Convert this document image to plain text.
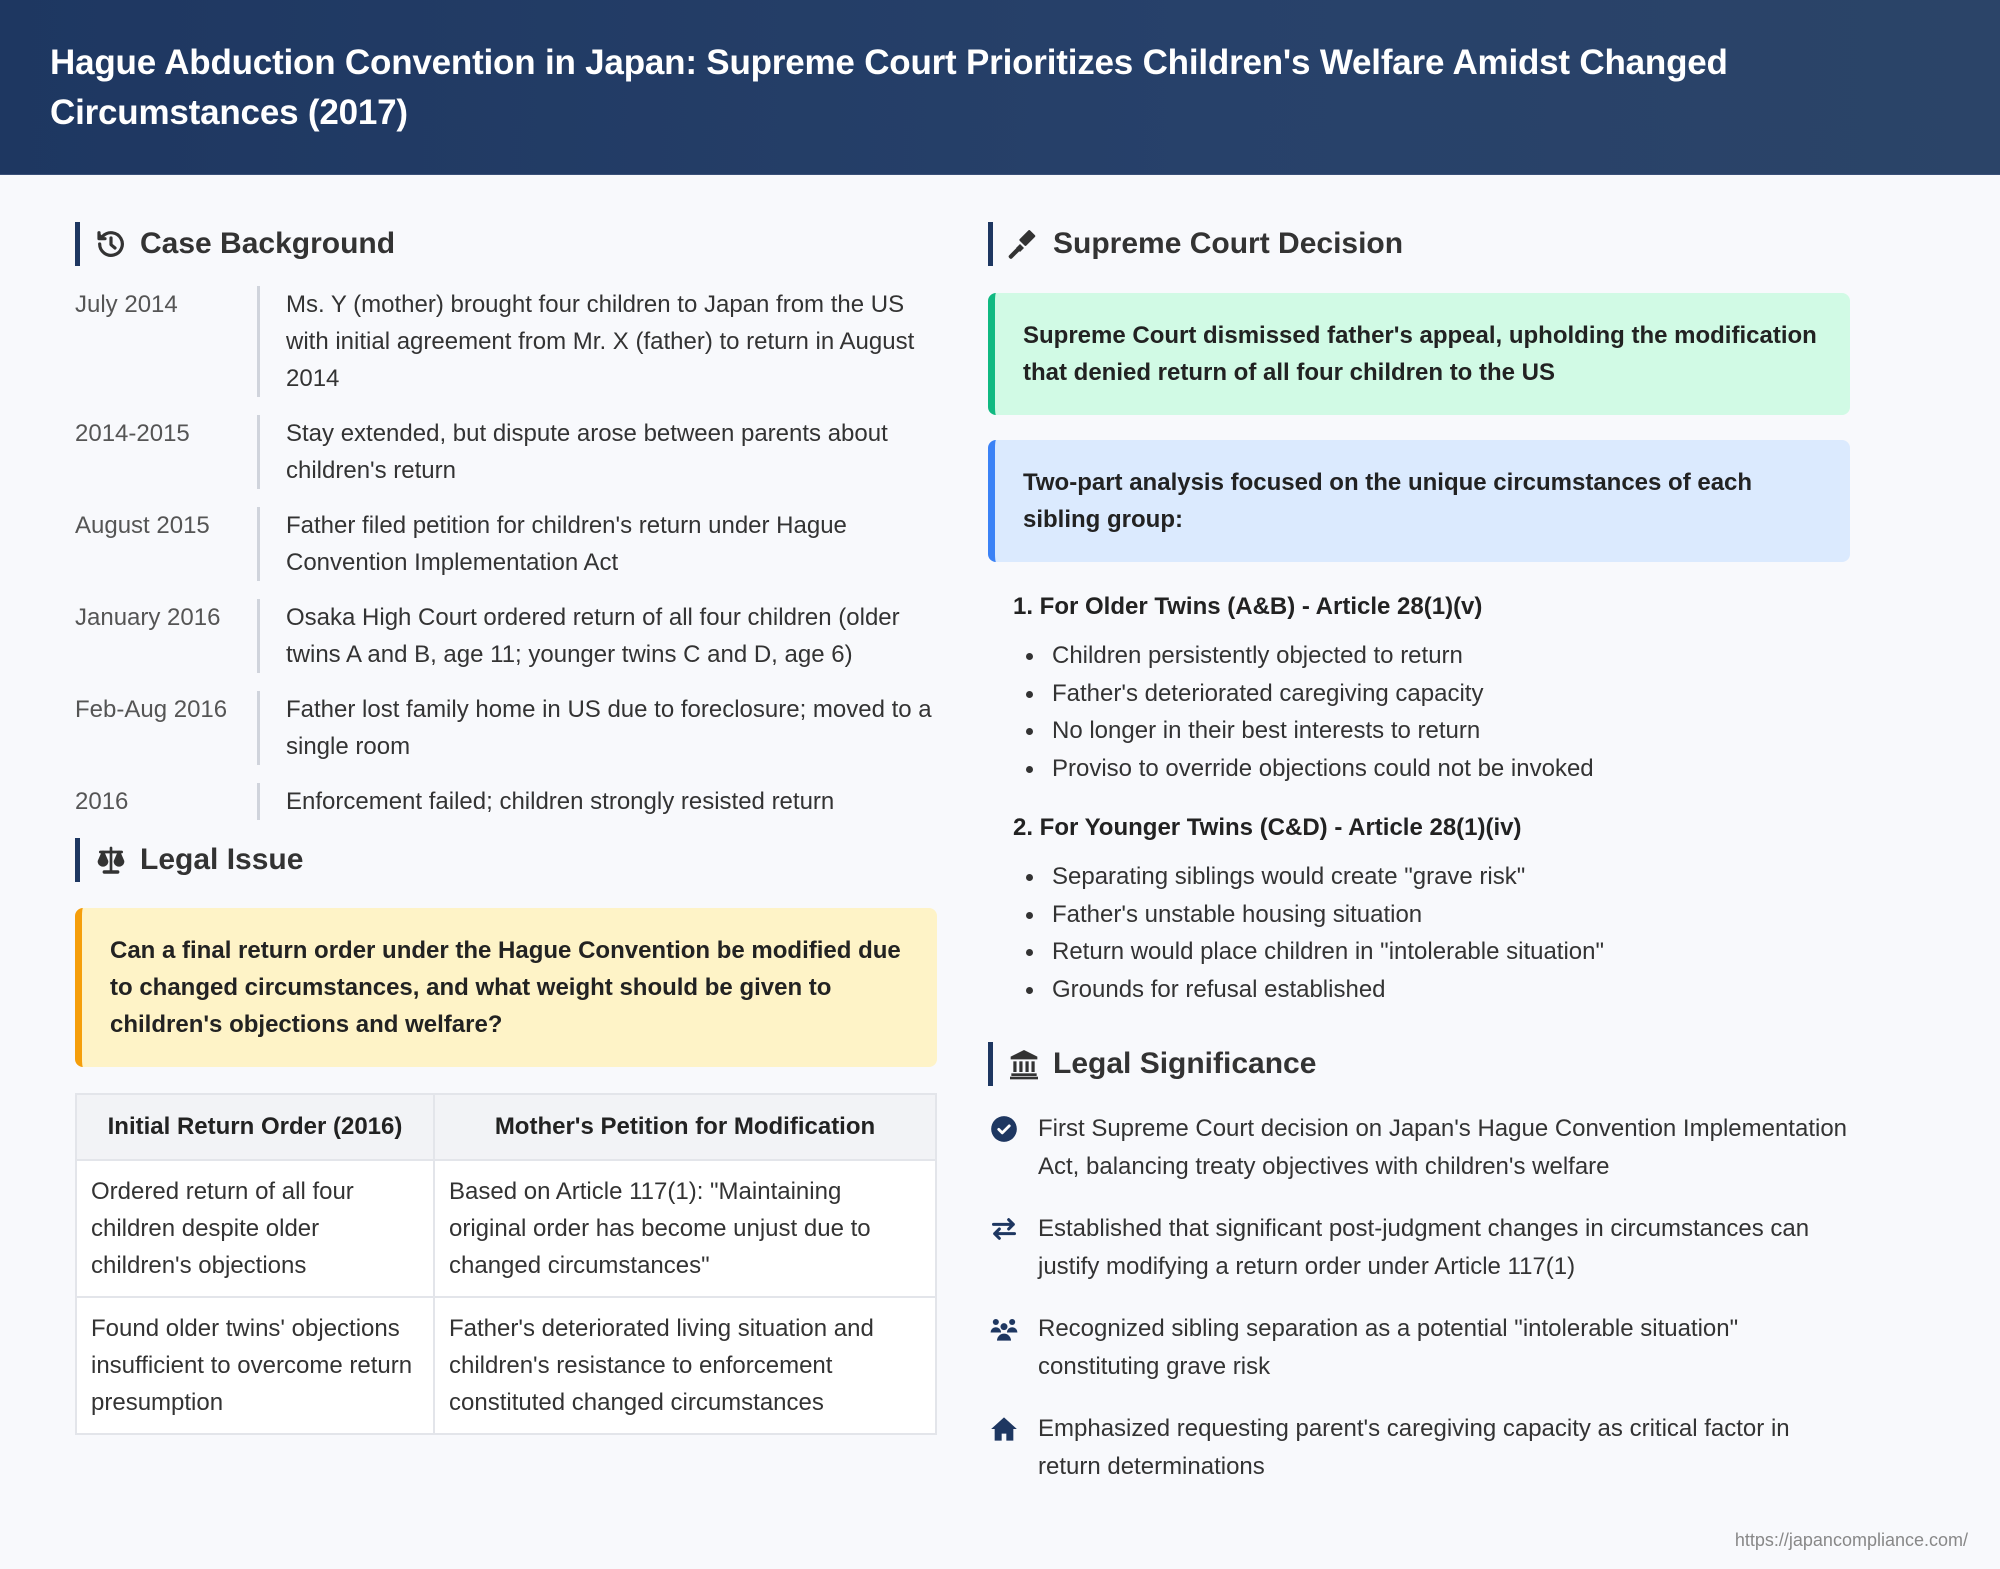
Hague Abduction Convention in Japan: Supreme Court Prioritizes Children's Welfare Amidst Changed Circumstances (2017)
Case Background
July 2014	Ms. Y (mother) brought four children to Japan from the US with initial agreement from Mr. X (father) to return in August 2014
2014-2015	Stay extended, but dispute arose between parents about children's return
August 2015	Father filed petition for children's return under Hague Convention Implementation Act
January 2016	Osaka High Court ordered return of all four children (older twins A and B, age 11; younger twins C and D, age 6)
Feb-Aug 2016	Father lost family home in US due to foreclosure; moved to a single room
2016	Enforcement failed; children strongly resisted return
Legal Issue
Can a final return order under the Hague Convention be modified due to changed circumstances, and what weight should be given to children's objections and welfare?
Initial Return Order (2016)	Mother's Petition for Modification
Ordered return of all four children despite older children's objections	Based on Article 117(1): "Maintaining original order has become unjust due to changed circumstances"
Found older twins' objections insufficient to overcome return presumption	Father's deteriorated living situation and children's resistance to enforcement constituted changed circumstances
Supreme Court Decision
Supreme Court dismissed father's appeal, upholding the modification that denied return of all four children to the US
Two-part analysis focused on the unique circumstances of each sibling group:
1. For Older Twins (A&B) - Article 28(1)(v)
Children persistently objected to return
Father's deteriorated caregiving capacity
No longer in their best interests to return
Proviso to override objections could not be invoked
2. For Younger Twins (C&D) - Article 28(1)(iv)
Separating siblings would create "grave risk"
Father's unstable housing situation
Return would place children in "intolerable situation"
Grounds for refusal established
Legal Significance
First Supreme Court decision on Japan's Hague Convention Implementation Act, balancing treaty objectives with children's welfare
Established that significant post-judgment changes in circumstances can justify modifying a return order under Article 117(1)
Recognized sibling separation as a potential "intolerable situation" constituting grave risk
Emphasized requesting parent's caregiving capacity as critical factor in return determinations
https://japancompliance.com/
